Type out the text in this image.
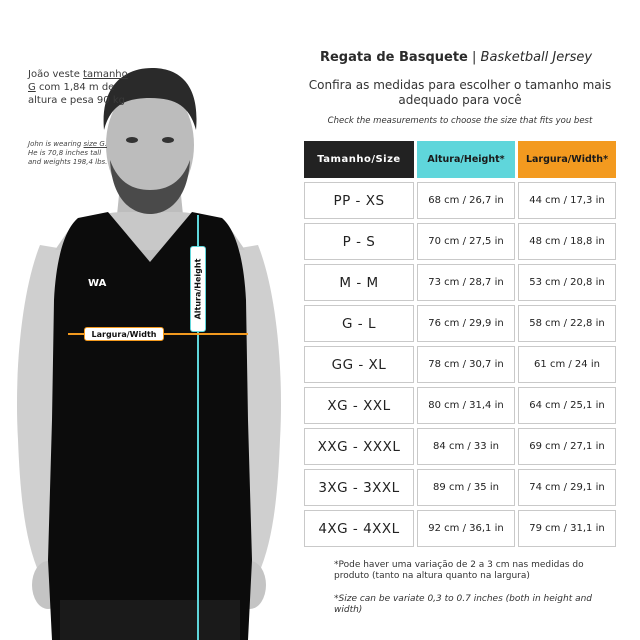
WA
João veste tamanho G com 1,84 m de altura e pesa 90 kg
John is wearing size G. He is 70,8 inches tall and weights 198,4 lbs.
Largura/Width
Altura/Height
Regata de Basquete | Basketball Jersey
Confira as medidas para escolher o tamanho mais adequado para você
Check the measurements to choose the size that fits you best
Tamanho/Size	Altura/Height*	Largura/Width*
PP - XS	68 cm / 26,7 in	44 cm / 17,3 in
P - S	70 cm / 27,5 in	48 cm / 18,8 in
M - M	73 cm / 28,7 in	53 cm / 20,8 in
G - L	76 cm / 29,9 in	58 cm / 22,8 in
GG - XL	78 cm / 30,7 in	61 cm / 24 in
XG - XXL	80 cm / 31,4 in	64 cm / 25,1 in
XXG - XXXL	84 cm / 33 in	69 cm / 27,1 in
3XG - 3XXL	89 cm / 35 in	74 cm / 29,1 in
4XG - 4XXL	92 cm / 36,1 in	79 cm / 31,1 in
*Pode haver uma variação de 2 a 3 cm nas medidas do produto (tanto na altura quanto na largura)
*Size can be variate 0,3 to 0.7 inches (both in height and width)
